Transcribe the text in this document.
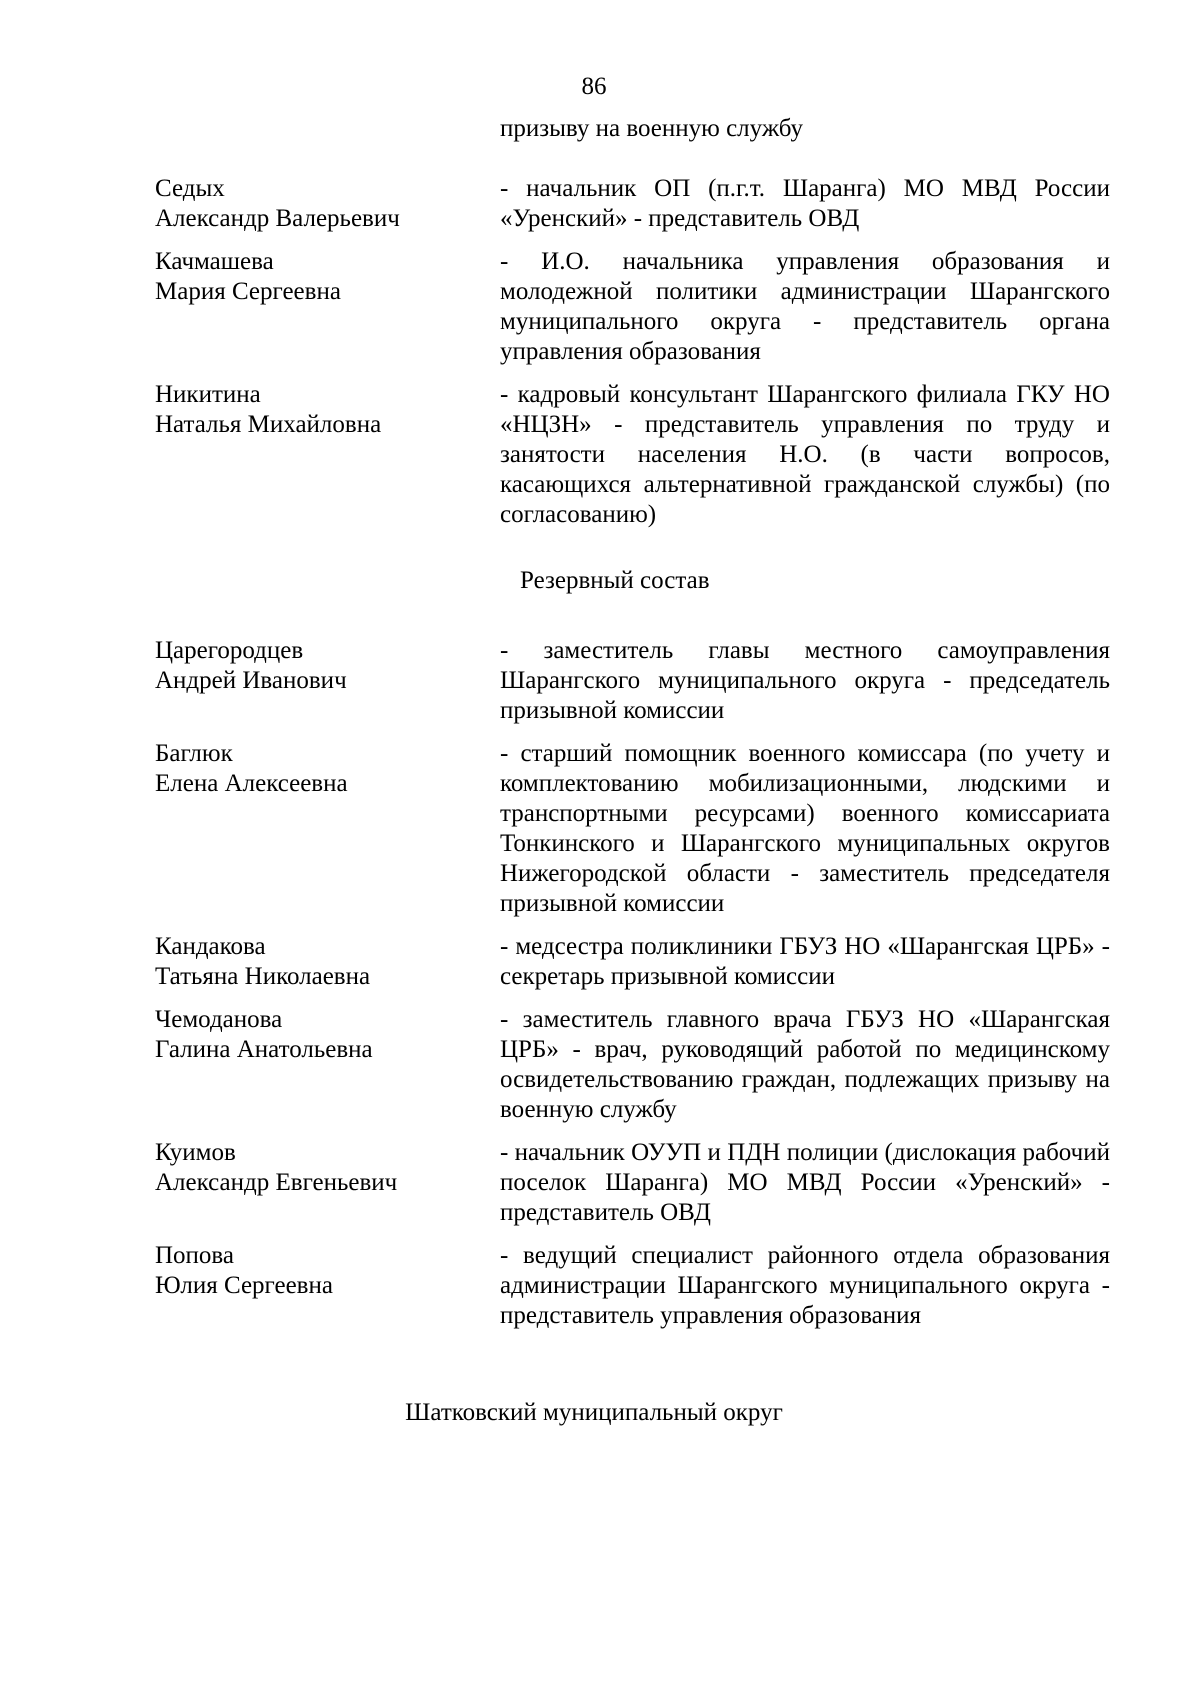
86
призыву на военную службу
Седых
Александр Валерьевич
- начальник ОП (п.г.т. Шаранга) МО МВД России «Уренский» - представитель ОВД
Качмашева
Мария Сергеевна
- И.О. начальника управления образования и молодежной политики администрации Шарангского муниципального округа - представитель органа управления образования
Никитина
Наталья Михайловна
- кадровый консультант Шарангского филиала ГКУ НО «НЦЗН» - представитель управления по труду и занятости населения Н.О. (в части вопросов, касающихся альтернативной гражданской службы) (по согласованию)
Резервный состав
Царегородцев
Андрей Иванович
- заместитель главы местного самоуправления Шарангского муниципального округа - председатель призывной комиссии
Баглюк
Елена Алексеевна
- старший помощник военного комиссара (по учету и комплектованию мобилизационными, людскими и транспортными ресурсами) военного комиссариата Тонкинского и Шарангского муниципальных округов Нижегородской области - заместитель председателя призывной комиссии
Кандакова
Татьяна Николаевна
- медсестра поликлиники ГБУЗ НО «Шарангская ЦРБ» - секретарь призывной комиссии
Чемоданова
Галина Анатольевна
- заместитель главного врача ГБУЗ НО «Шарангская ЦРБ» - врач, руководящий работой по медицинскому освидетельствованию граждан, подлежащих призыву на военную службу
Куимов
Александр Евгеньевич
- начальник ОУУП и ПДН полиции (дислокация рабочий поселок Шаранга) МО МВД России «Уренский» - представитель ОВД
Попова
Юлия Сергеевна
- ведущий специалист районного отдела образования администрации Шарангского муниципального округа - представитель управления образования
Шатковский муниципальный округ
